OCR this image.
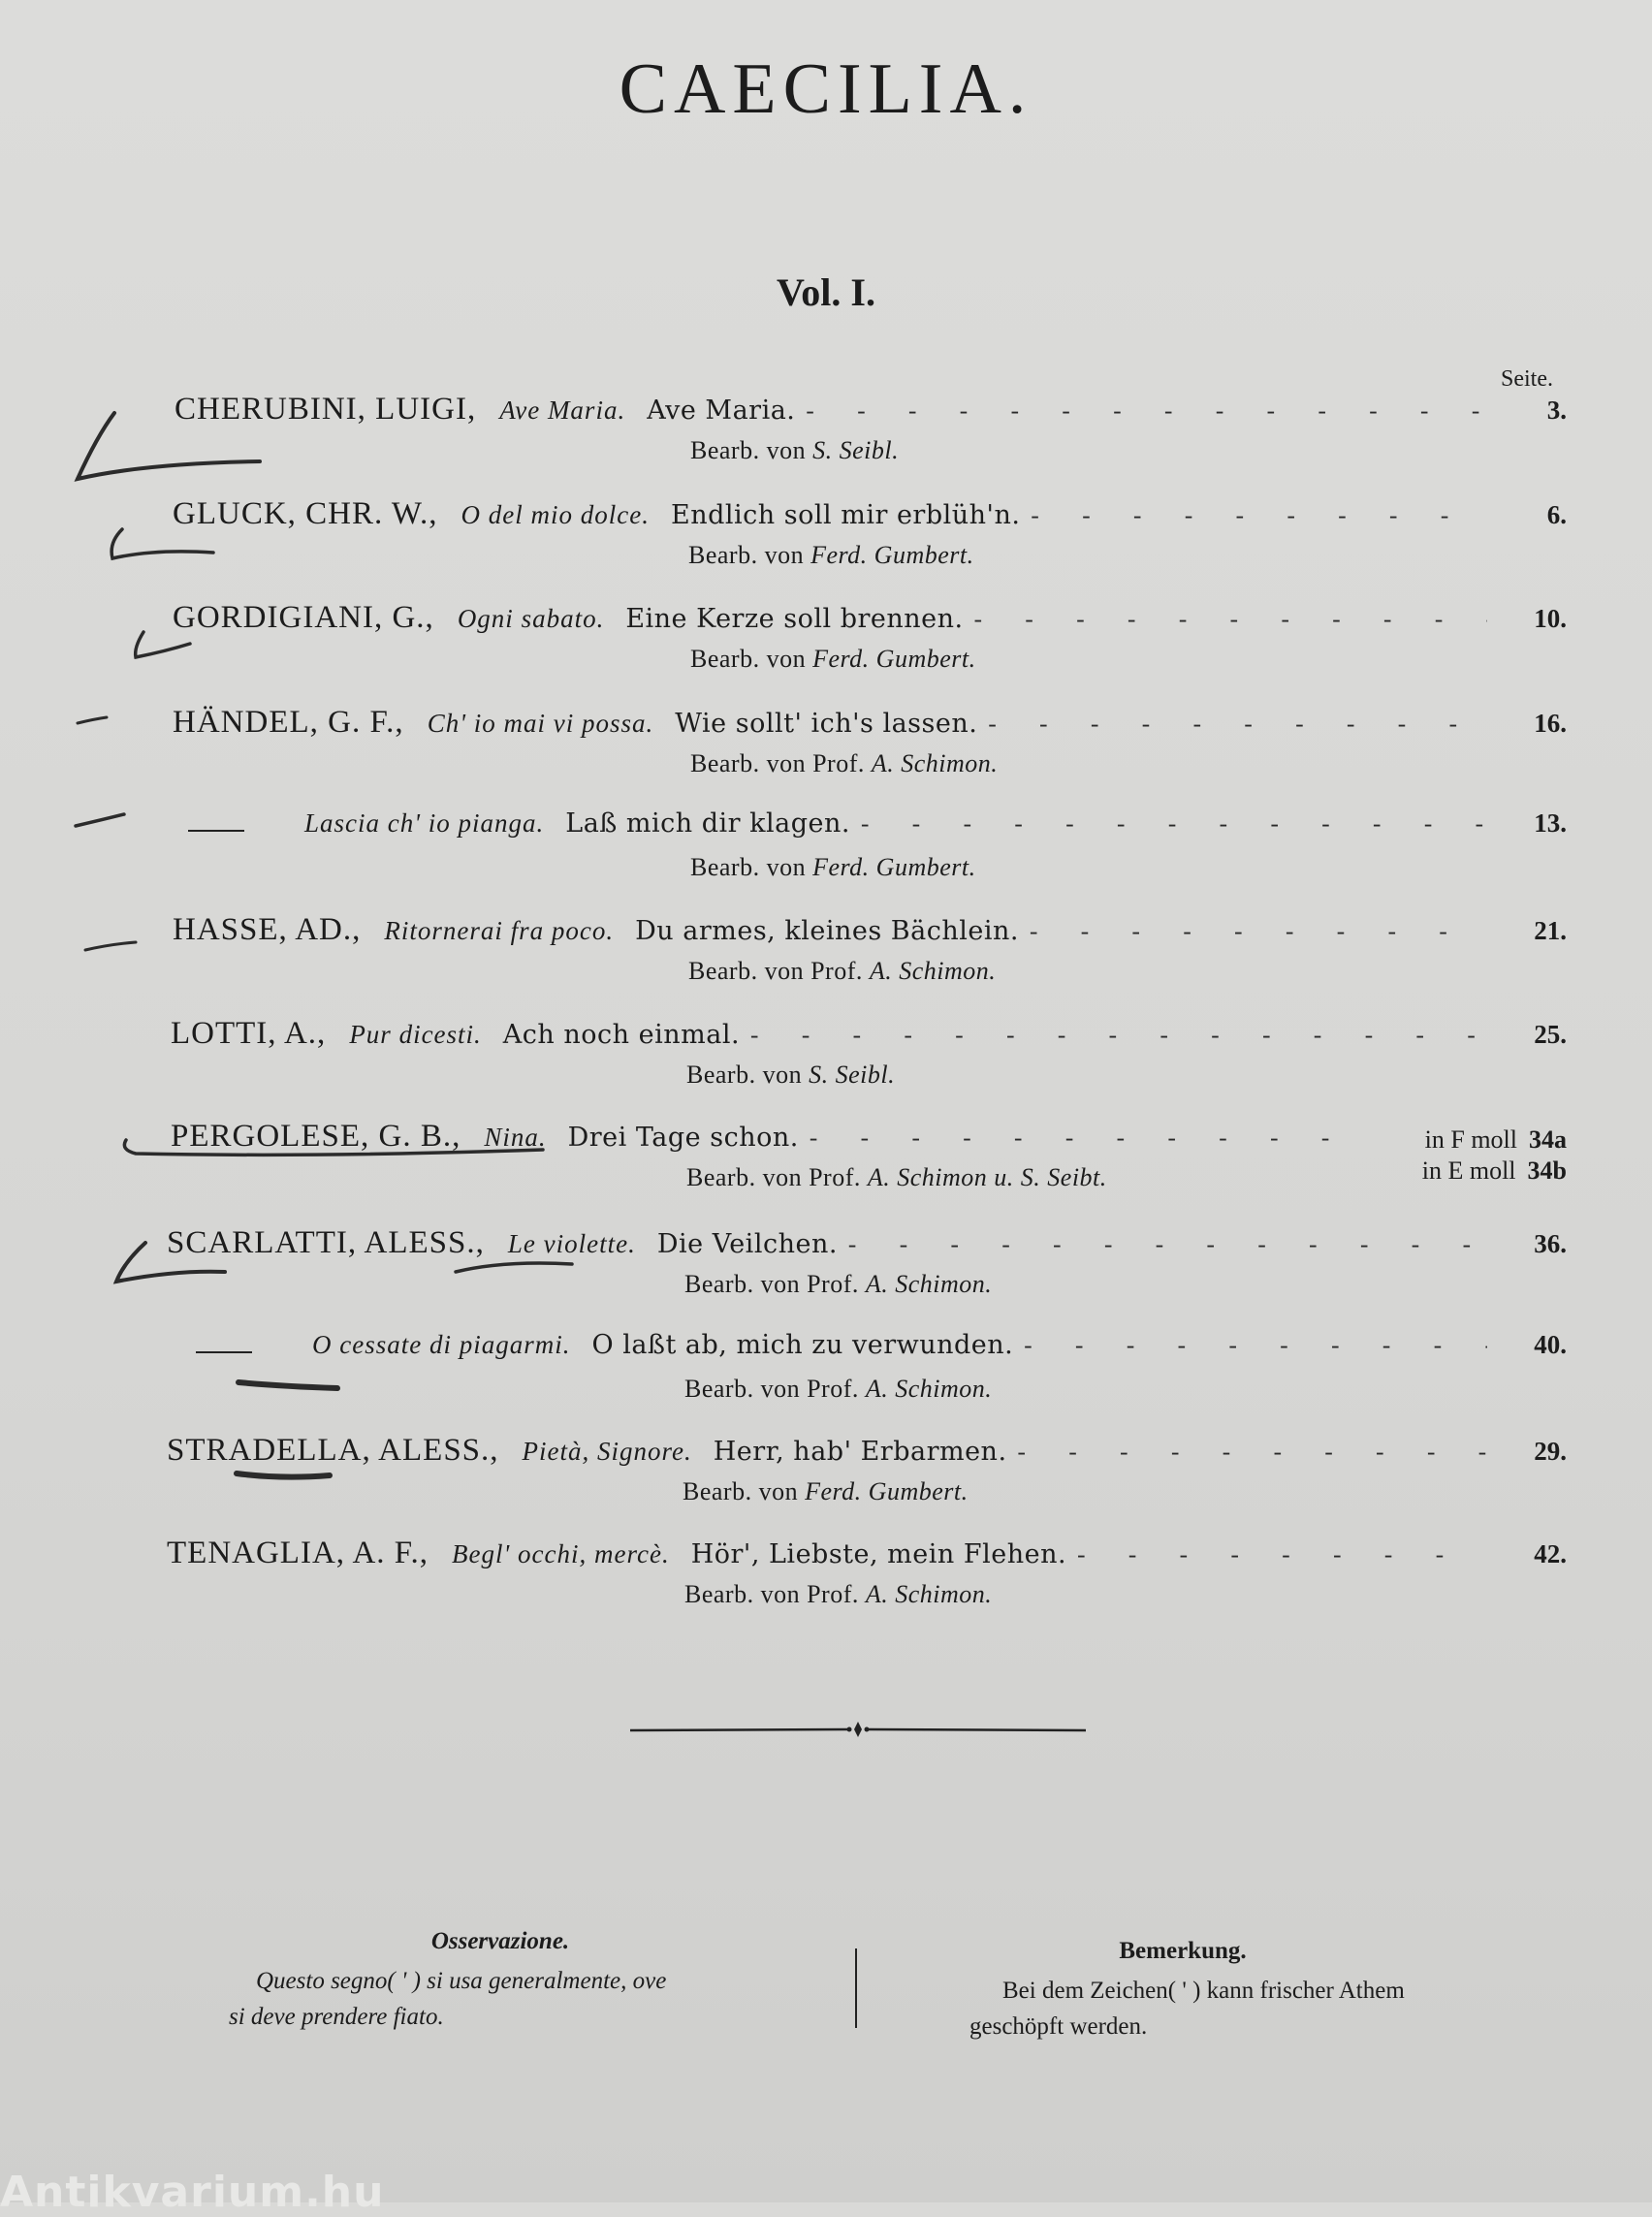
CAECILIA.
Vol. I.
Seite.
CHERUBINI, LUIGI, Ave Maria. Ave Maria. - - -	3.
Bearb. von S. Seibl.
GLUCK, CHR. W., O del mio dolce. Endlich soll mir erblüh'n. - - -	6.
Bearb. von Ferd. Gumbert.
GORDIGIANI, G., Ogni sabato. Eine Kerze soll brennen. - - -	10.
Bearb. von Ferd. Gumbert.
HÄNDEL, G. F., Ch' io mai vi possa. Wie sollt' ich's lassen. - - -	16.
Bearb. von Prof. A. Schimon.
Lascia ch' io pianga. Laß mich dir klagen. - - -	13.
Bearb. von Ferd. Gumbert.
HASSE, AD., Ritornerai fra poco. Du armes, kleines Bächlein. - - -	21.
Bearb. von Prof. A. Schimon.
LOTTI, A., Pur dicesti. Ach noch einmal. - - -	25.
Bearb. von S. Seibl.
PERGOLESE, G. B., Nina. Drei Tage schon. - - -	in F moll 34a
in E moll 34b
Bearb. von Prof. A. Schimon u. S. Seibt.
SCARLATTI, ALESS., Le violette. Die Veilchen. - - -	36.
Bearb. von Prof. A. Schimon.
O cessate di piagarmi. O laßt ab, mich zu verwunden. - - -	40.
Bearb. von Prof. A. Schimon.
STRADELLA, ALESS., Pietà, Signore. Herr, hab' Erbarmen. - - -	29.
Bearb. von Ferd. Gumbert.
TENAGLIA, A. F., Begl' occhi, mercè. Hör', Liebste, mein Flehen. - - -	42.
Bearb. von Prof. A. Schimon.
Osservazione.
Questo segno( ' ) si usa generalmente, ove
si deve prendere fiato.
Bemerkung.
Bei dem Zeichen( ' ) kann frischer Athem
geschöpft werden.
Antikvarium.hu
